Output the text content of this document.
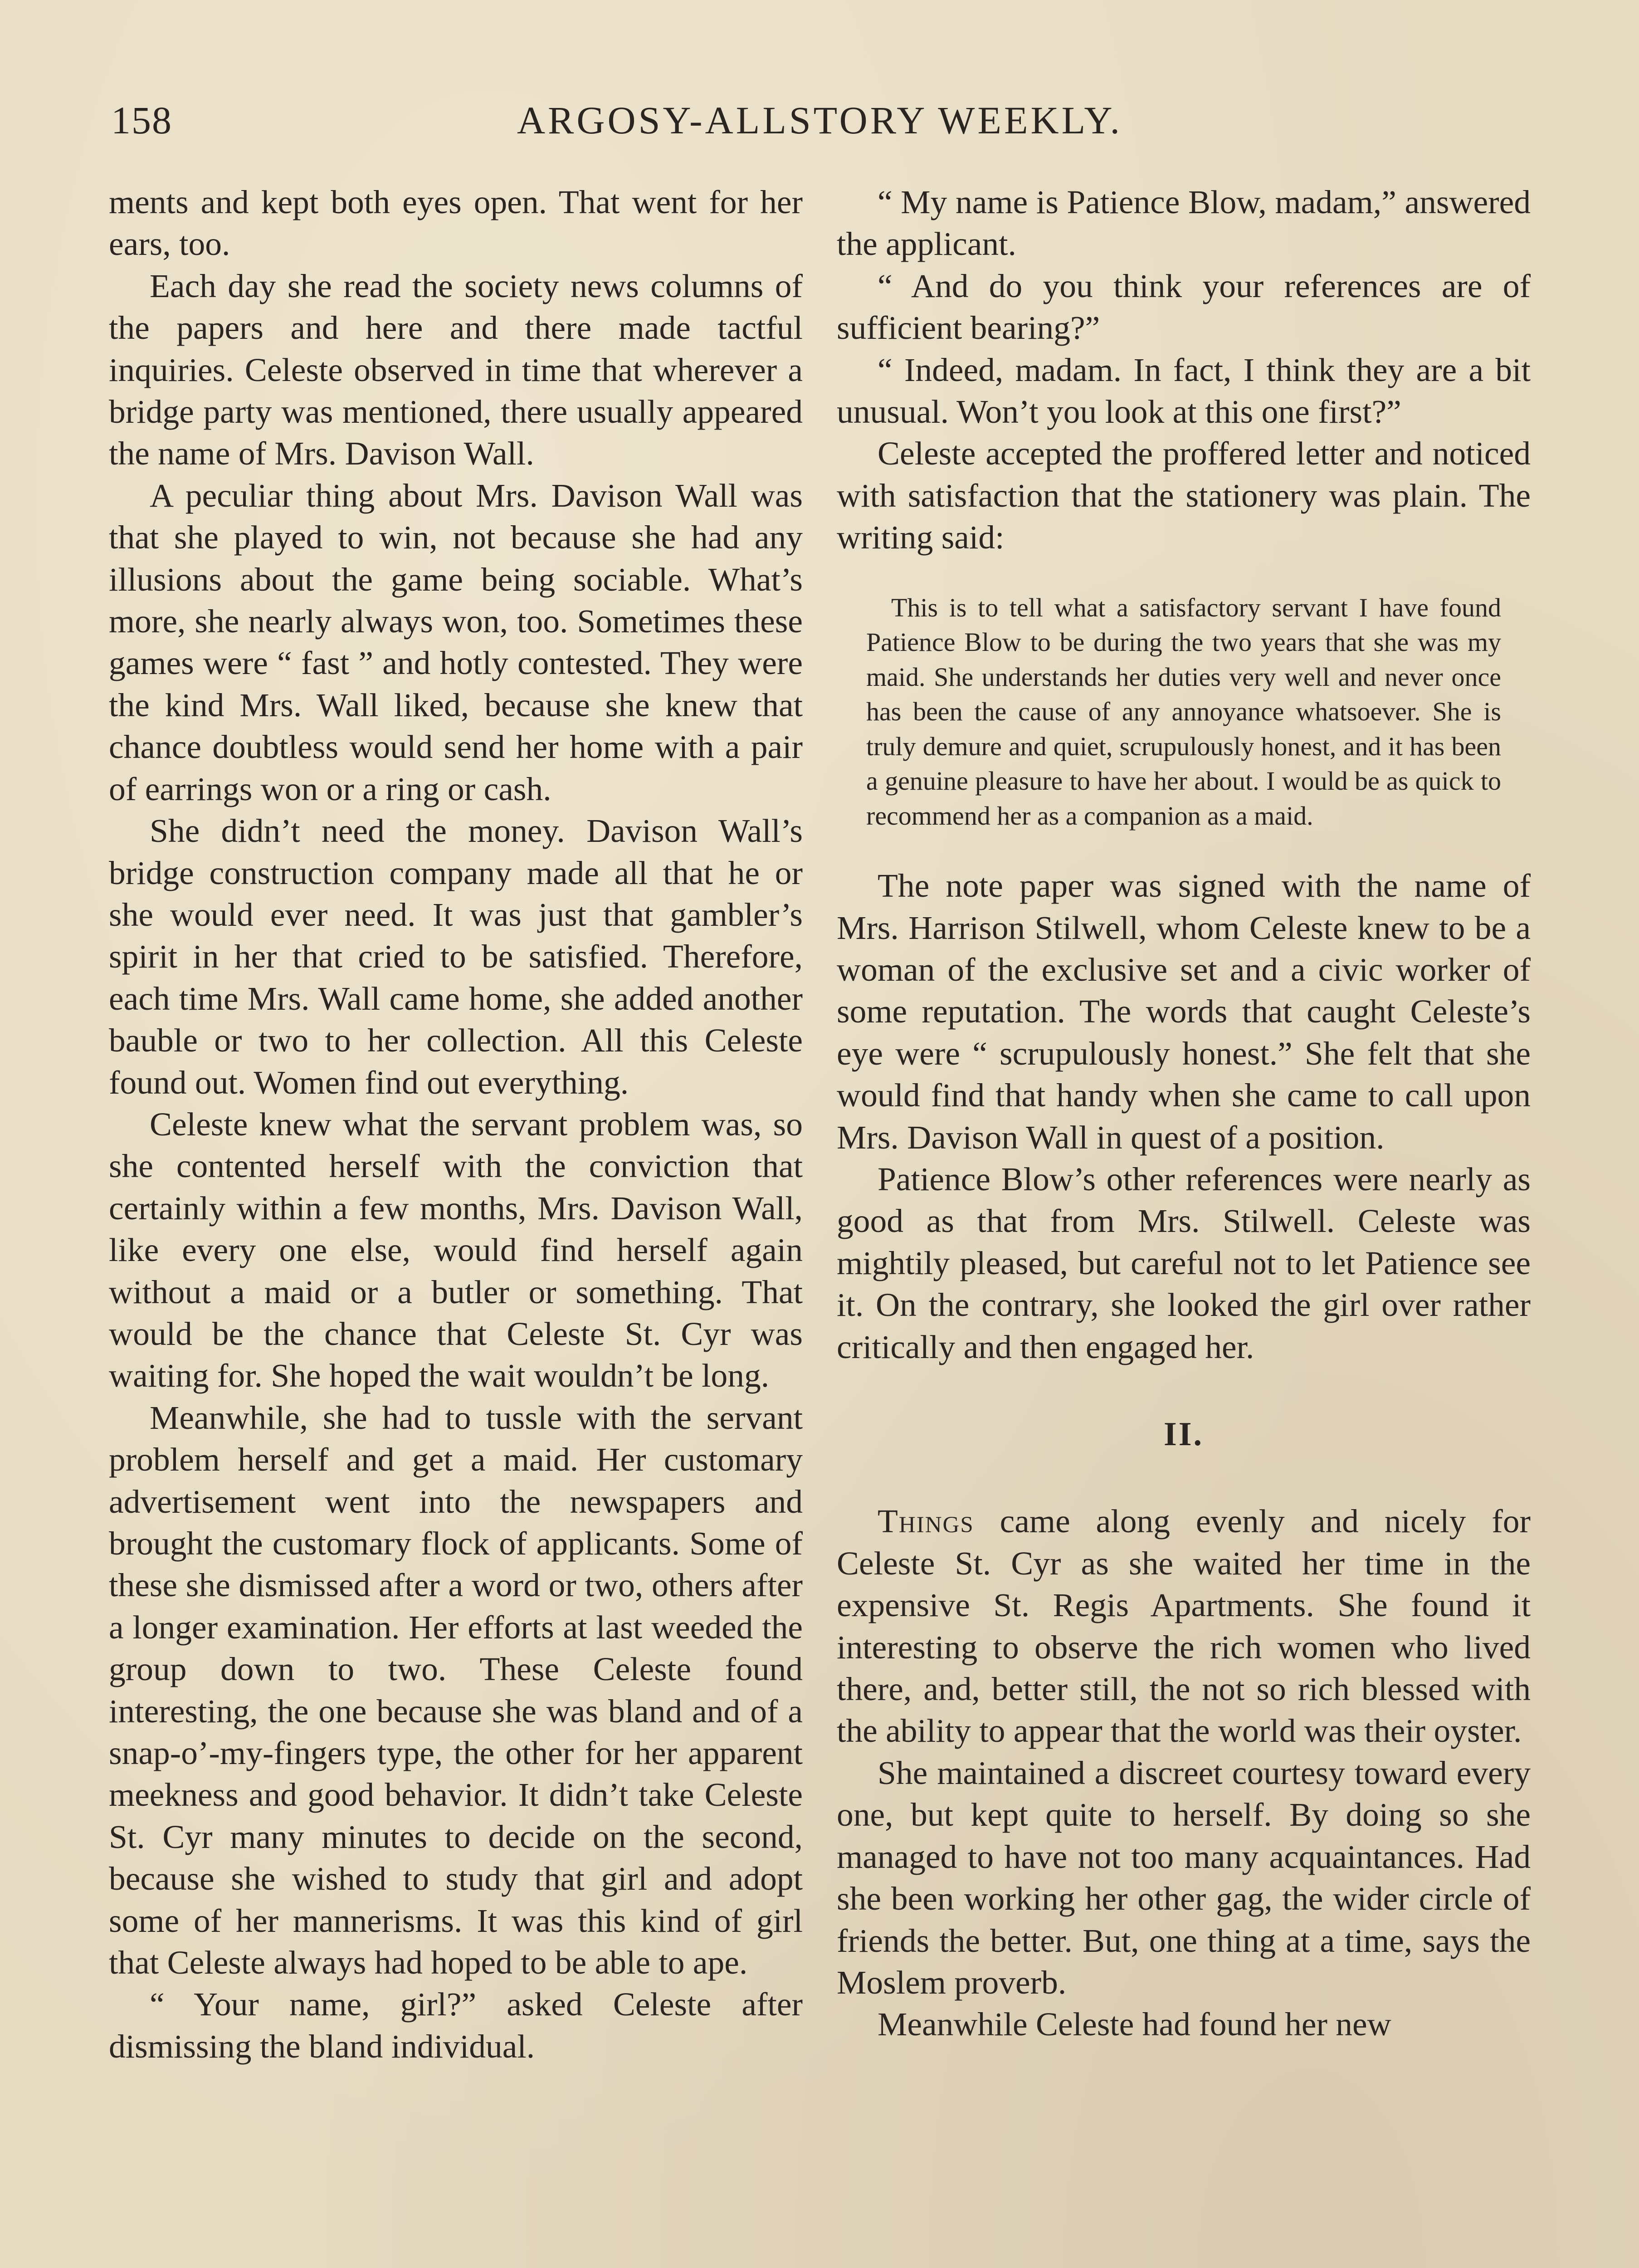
158	ARGOSY-ALLSTORY WEEKLY.

ments and kept both eyes open. That went for her ears, too.

Each day she read the society news columns of the papers and here and there made tactful inquiries. Celeste observed in time that wherever a bridge party was mentioned, there usually appeared the name of Mrs. Davison Wall.

A peculiar thing about Mrs. Davison Wall was that she played to win, not because she had any illusions about the game being sociable. What’s more, she nearly always won, too. Sometimes these games were “ fast ” and hotly contested. They were the kind Mrs. Wall liked, because she knew that chance doubtless would send her home with a pair of earrings won or a ring or cash.

She didn’t need the money. Davison Wall’s bridge construction company made all that he or she would ever need. It was just that gambler’s spirit in her that cried to be satisfied. Therefore, each time Mrs. Wall came home, she added another bauble or two to her collection. All this Celeste found out. Women find out everything.

Celeste knew what the servant problem was, so she contented herself with the conviction that certainly within a few months, Mrs. Davison Wall, like every one else, would find herself again without a maid or a butler or something. That would be the chance that Celeste St. Cyr was waiting for. She hoped the wait wouldn’t be long.

Meanwhile, she had to tussle with the servant problem herself and get a maid. Her customary advertisement went into the newspapers and brought the customary flock of applicants. Some of these she dismissed after a word or two, others after a longer examination. Her efforts at last weeded the group down to two. These Celeste found interesting, the one because she was bland and of a snap-o’-my-fingers type, the other for her apparent meekness and good behavior. It didn’t take Celeste St. Cyr many minutes to decide on the second, because she wished to study that girl and adopt some of her mannerisms. It was this kind of girl that Celeste always had hoped to be able to ape.

“ Your name, girl?” asked Celeste after dismissing the bland individual.

“ My name is Patience Blow, madam,” answered the applicant.

“ And do you think your references are of sufficient bearing?”

“ Indeed, madam. In fact, I think they are a bit unusual. Won’t you look at this one first?”

Celeste accepted the proffered letter and noticed with satisfaction that the stationery was plain. The writing said:

This is to tell what a satisfactory servant I have found Patience Blow to be during the two years that she was my maid. She understands her duties very well and never once has been the cause of any annoyance whatsoever. She is truly demure and quiet, scrupulously honest, and it has been a genuine pleasure to have her about. I would be as quick to recommend her as a companion as a maid.

The note paper was signed with the name of Mrs. Harrison Stilwell, whom Celeste knew to be a woman of the exclusive set and a civic worker of some reputation. The words that caught Celeste’s eye were “ scrupulously honest.” She felt that she would find that handy when she came to call upon Mrs. Davison Wall in quest of a position.

Patience Blow’s other references were nearly as good as that from Mrs. Stilwell. Celeste was mightily pleased, but careful not to let Patience see it. On the contrary, she looked the girl over rather critically and then engaged her.

II.

Things came along evenly and nicely for Celeste St. Cyr as she waited her time in the expensive St. Regis Apartments. She found it interesting to observe the rich women who lived there, and, better still, the not so rich blessed with the ability to appear that the world was their oyster.

She maintained a discreet courtesy toward every one, but kept quite to herself. By doing so she managed to have not too many acquaintances. Had she been working her other gag, the wider circle of friends the better. But, one thing at a time, says the Moslem proverb.

Meanwhile Celeste had found her new
